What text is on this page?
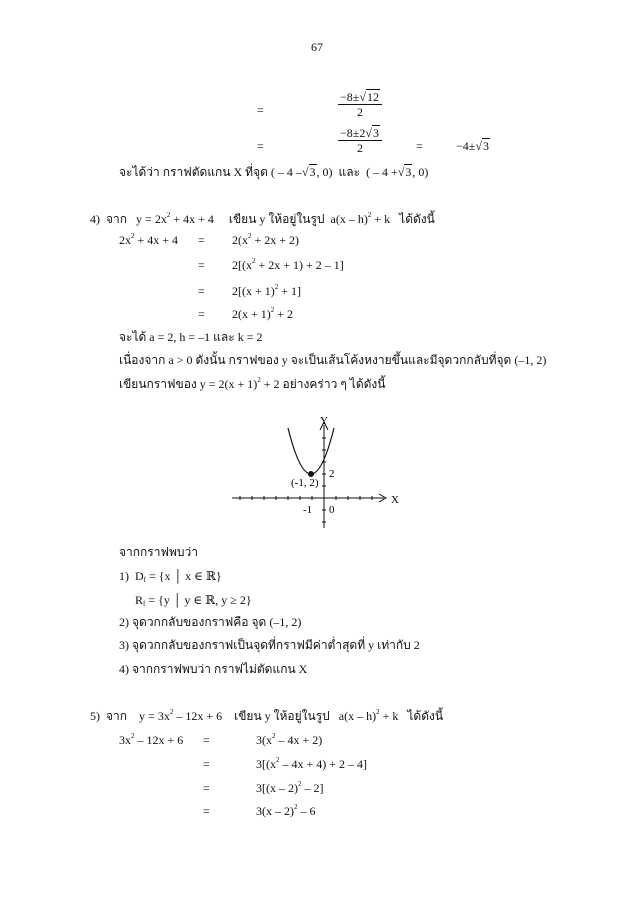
67
=	$\frac{-8\pm√12}{2}$
=	$\frac{-8\pm 2√3}{2}$	=	−4±√3
จะได้ว่า กราฟตัดแกน X ที่จุด ( – 4 –√3, 0) และ ( – 4 +√3, 0)
4) จาก $y = 2x^2 + 4x + 4$ เขียน y ให้อยู่ในรูป a(x – h)$^2$ + k ได้ดังนี้
$2x^2 + 4x + 4 = 2(x^2 + 2x + 2)$
= $2[(x^2 + 2x + 1) + 2 - 1]$
= $2[(x + 1)^2 + 1]$
= $2(x + 1)^2 + 2$
จะได้ a = 2, h = –1 และ k = 2
เนื่องจาก a > 0 ดังนั้น กราฟของ y จะเป็นเส้นโค้งหงายขึ้นและมีจุดวกกลับที่จุด (–1, 2)
เขียนกราฟของ $y = 2(x + 1)^2 + 2$ อย่างคร่าว ๆ ได้ดังนี้
Y
X
2
-1 0
(-1, 2)
จากกราฟพบว่า
1) $D_f = \{x$ │ x ∈ ℝ}
$R_f = \{y$ │ y ∈ ℝ, y ≥ 2}
2) จุดวกกลับของกราฟคือ จุด (–1, 2)
3) จุดวกกลับของกราฟเป็นจุดที่กราฟมีค่าต่ำสุดที่ y เท่ากับ 2
4) จากกราฟพบว่า กราฟไม่ตัดแกน X
5) จาก $y = 3x^2 - 12x + 6$ เขียน y ให้อยู่ในรูป a(x – h)$^2$ + k ได้ดังนี้
$3x^2 - 12x + 6$ =	$3(x^2 - 4x + 2)$
=	$3[(x^2 - 4x + 4) + 2 - 4]$
=	3[(x – 2)$^2$ – 2]
=	3(x – 2)$^2$ – 6
